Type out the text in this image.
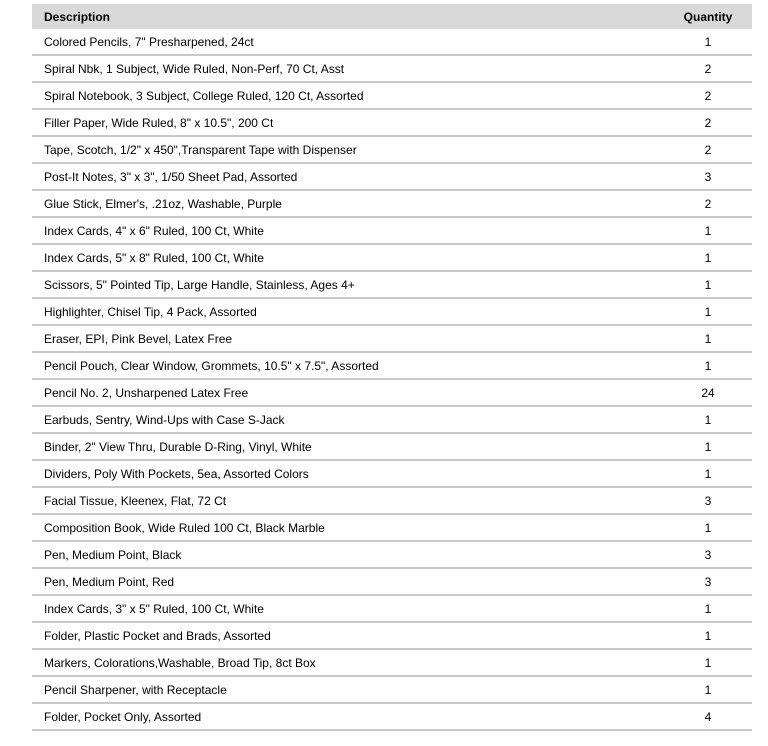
Description	Quantity
Colored Pencils, 7" Presharpened, 24ct	1
Spiral Nbk, 1 Subject, Wide Ruled, Non-Perf, 70 Ct, Asst	2
Spiral Notebook, 3 Subject, College Ruled, 120 Ct, Assorted	2
Filler Paper, Wide Ruled, 8" x 10.5", 200 Ct	2
Tape, Scotch, 1/2" x 450",Transparent Tape with Dispenser	2
Post-It Notes, 3" x 3", 1/50 Sheet Pad, Assorted	3
Glue Stick, Elmer's, .21oz, Washable, Purple	2
Index Cards, 4" x 6" Ruled, 100 Ct, White	1
Index Cards, 5" x 8" Ruled, 100 Ct, White	1
Scissors, 5" Pointed Tip, Large Handle, Stainless, Ages 4+	1
Highlighter, Chisel Tip, 4 Pack, Assorted	1
Eraser, EPI, Pink Bevel, Latex Free	1
Pencil Pouch, Clear Window, Grommets, 10.5" x 7.5", Assorted	1
Pencil No. 2, Unsharpened Latex Free	24
Earbuds, Sentry, Wind-Ups with Case S-Jack	1
Binder, 2" View Thru, Durable D-Ring, Vinyl, White	1
Dividers, Poly With Pockets, 5ea, Assorted Colors	1
Facial Tissue, Kleenex, Flat, 72 Ct	3
Composition Book, Wide Ruled 100 Ct, Black Marble	1
Pen, Medium Point, Black	3
Pen, Medium Point, Red	3
Index Cards, 3" x 5" Ruled, 100 Ct, White	1
Folder, Plastic Pocket and Brads, Assorted	1
Markers, Colorations,Washable, Broad Tip, 8ct Box	1
Pencil Sharpener, with Receptacle	1
Folder, Pocket Only, Assorted	4
